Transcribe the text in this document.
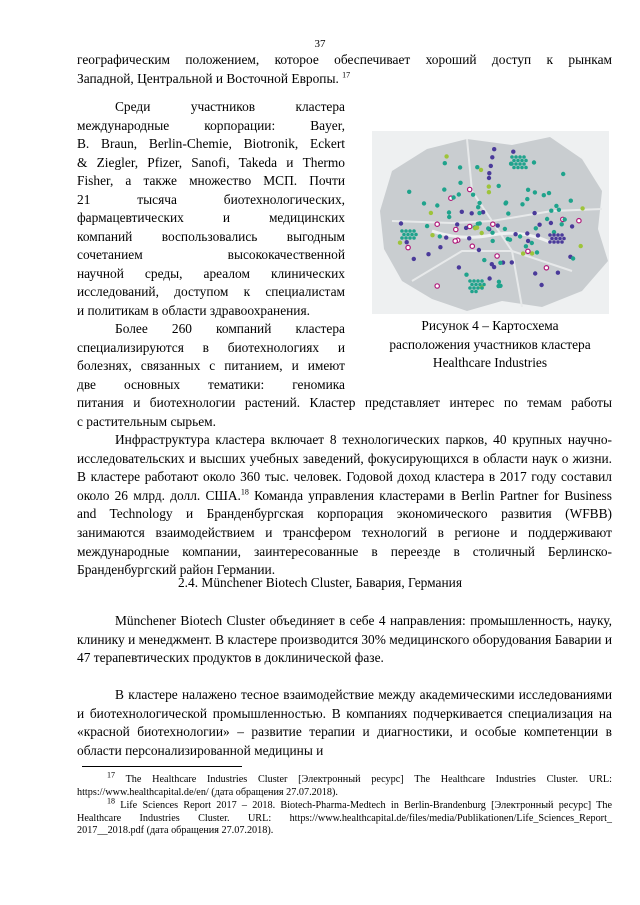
37

географическим положением, которое обеспечивает хороший доступ к рынкам

Западной, Центральной и Восточной Европы. $^{17}$

Среди участников кластера

международные корпорации: Bayer,

B. Braun, Berlin-Chemie, Biotronik, Eckert

& Ziegler, Pfizer, Sanofi, Takeda и Thermo

Fisher, а также множество МСП. Почти

21 тысяча биотехнологических,

фармацевтических и медицинских

компаний воспользовались выгодным

сочетанием высококачественной

научной среды, ареалом клинических

исследований, доступом к специалистам

и политикам в области здравоохранения.

Более 260 компаний кластера

специализируются в биотехнологиях и

болезнях, связанных с питанием, и имеют

две основных тематики: геномика

Рисунок 4 – Картосхема
расположения участников кластера
Healthcare Industries

питания и биотехнологии растений. Кластер представляет интерес по темам работы

с растительным сырьем.

Инфраструктура кластера включает 8 технологических парков, 40 крупных научно-исследовательских и высших учебных заведений, фокусирующихся в области наук о жизни. В кластере работают около 360 тыс. человек. Годовой доход кластера в 2017 году составил около 26 млрд. долл. США.$^{18}$ Команда управления кластерами в Berlin Partner for Business and Technology и Бранденбургская корпорация экономического развития (WFBB) занимаются взаимодействием и трансфером технологий в регионе и поддерживают международные компании, заинтересованные в переезде в столичный Берлинско-Бранденбургский район Германии.

2.4. Münchener Biotech Cluster, Бавария, Германия

Münchener Biotech Cluster объединяет в себе 4 направления: промышленность, науку, клинику и менеджмент. В кластере производится 30% медицинского оборудования Баварии и 47 терапевтических продуктов в доклинической фазе.

В кластере налажено тесное взаимодействие между академическими исследованиями и биотехнологической промышленностью. В компаниях подчеркивается специализация на «красной биотехнологии» – развитие терапии и диагностики, и особые компетенции в области персонализированной медицины и

$^{17}$ The Healthcare Industries Cluster [Электронный ресурс] The Healthcare Industries Cluster. URL: https://www.healthcapital.de/en/ (дата обращения 27.07.2018).

$^{18}$ Life Sciences Report 2017 – 2018. Biotech-Pharma-Medtech in Berlin-Brandenburg [Электронный ресурс] The Healthcare Industries Cluster. URL: https://www.healthcapital.de/files/media/Publikationen/Life_Sciences_Report_ 2017__2018.pdf (дата обращения 27.07.2018).
